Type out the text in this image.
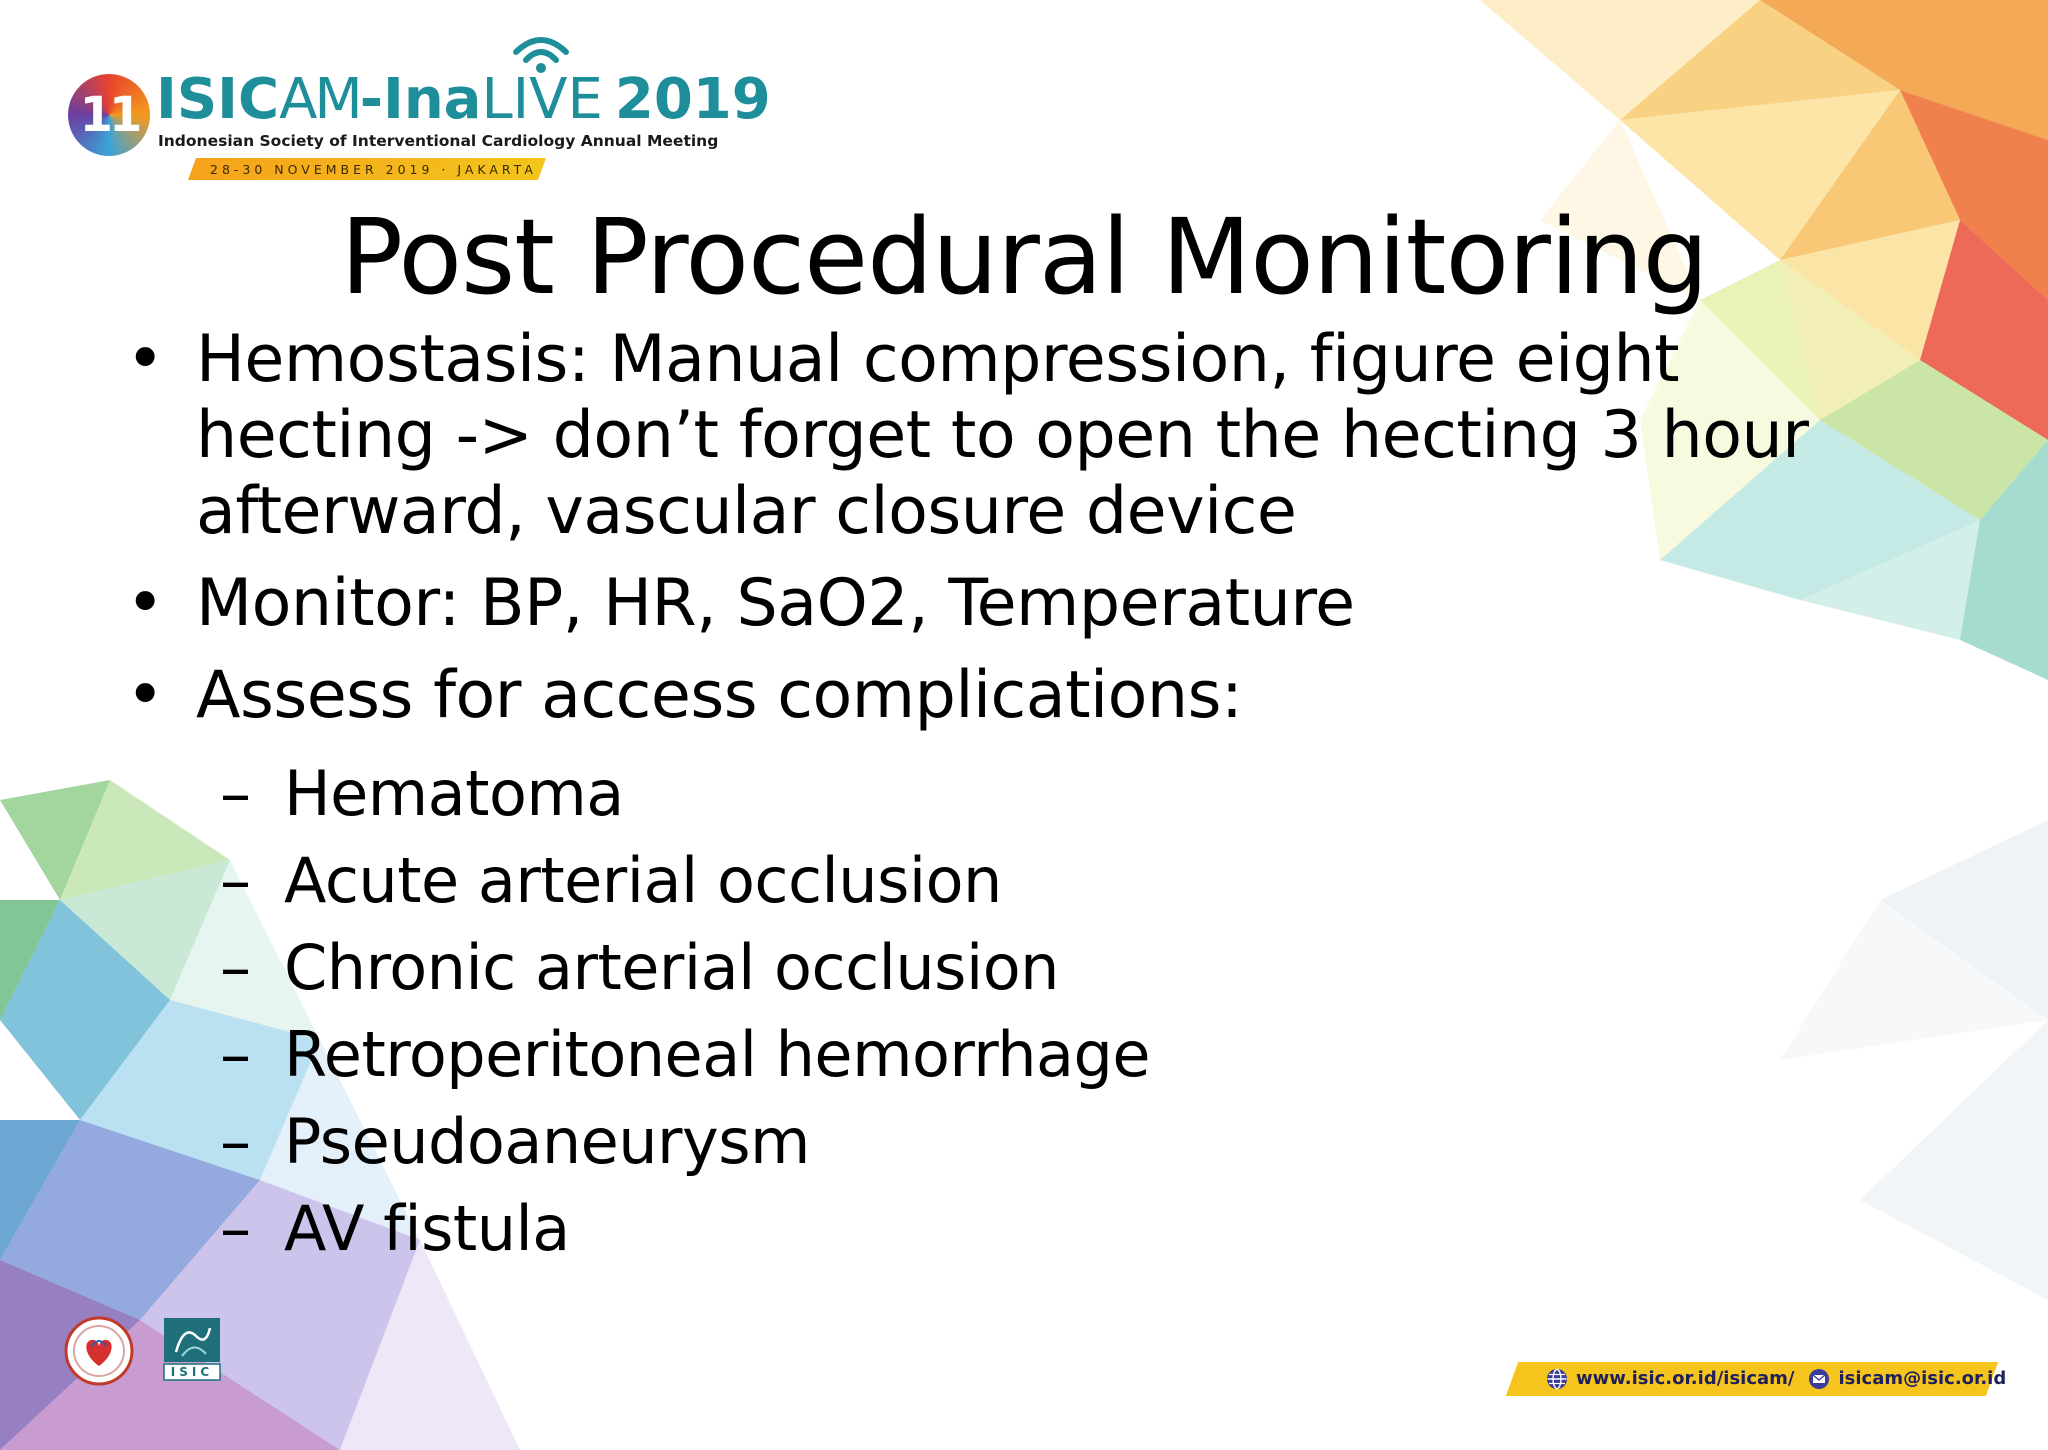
11 ISICAM-InaLIVE 2019
Indonesian Society of Interventional Cardiology Annual Meeting
28-30 NOVEMBER 2019 · JAKARTA
Post Procedural Monitoring
• Hemostasis: Manual compression, figure eight
hecting -> don’t forget to open the hecting 3 hour
afterward, vascular closure device
• Monitor: BP, HR, SaO2, Temperature
• Assess for access complications:
– Hematoma
– Acute arterial occlusion
– Chronic arterial occlusion
– Retroperitoneal hemorrhage
– Pseudoaneurysm
– AV fistula
ISIC	www.isic.or.id/isicam/ isicam@isic.or.id
